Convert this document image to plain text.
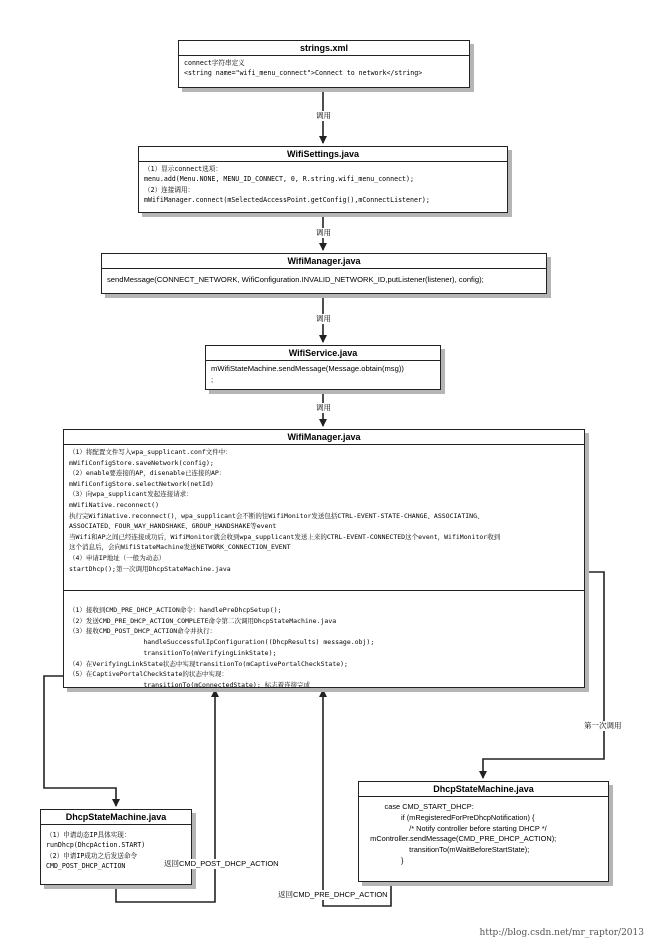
strings.xml
connect字符串定义
<string name="wifi_menu_connect">Connect to network</string>
WifiSettings.java
（1）显示connect选项：
menu.add(Menu.NONE, MENU_ID_CONNECT, 0, R.string.wifi_menu_connect);
（2）连接调用：
mWifiManager.connect(mSelectedAccessPoint.getConfig(),mConnectListener);
WifiManager.java
sendMessage(CONNECT_NETWORK, WifiConfiguration.INVALID_NETWORK_ID,putListener(listener), config);
WifiService.java
mWifiStateMachine.sendMessage(Message.obtain(msg))
;
WifiManager.java
（1）将配置文件写入wpa_supplicant.conf文件中：
mWifiConfigStore.saveNetwork(config);
（2）enable要连接的AP，disenable已连接的AP：
mWifiConfigStore.selectNetwork(netId)
（3）向wpa_supplicant发起连接请求：
mWifiNative.reconnect()
执行完WifiNative.reconnect()，wpa_supplicant会不断的往WifiMonitor发送包括CTRL-EVENT-STATE-CHANGE、ASSOCIATING、
ASSOCIATED、FOUR_WAY_HANDSHAKE、GROUP_HANDSHAKE等event
当Wifi和AP之间已经连接成功后，WifiMonitor就会收到wpa_supplicant发送上来的CTRL-EVENT-CONNECTED这个event，WifiMonitor收到
这个消息后，会向WifiStateMachine发送NETWORK_CONNECTION_EVENT
（4）申请IP地址（一般为动态）
startDhcp();第一次调用DhcpStateMachine.java
（1）接收到CMD_PRE_DHCP_ACTION命令：handlePreDhcpSetup();
（2）发送CMD_PRE_DHCP_ACTION_COMPLETE命令第二次调用DhcpStateMachine.java
（3）接收CMD_POST_DHCP_ACTION命令并执行：
handleSuccessfulIpConfiguration((DhcpResults) message.obj);
transitionTo(mVerifyingLinkState);
（4）在VerifyingLinkState状态中实现transitionTo(mCaptivePortalCheckState);
（5）在CaptivePortalCheckState的状态中实现：
transitionTo(mConnectedState); 标志着连接完成
DhcpStateMachine.java
（1）申请动态IP具体实现：
runDhcp(DhcpAction.START)
（2）申请IP成功之后发送命令
CMD_POST_DHCP_ACTION
DhcpStateMachine.java
case CMD_START_DHCP:
if (mRegisteredForPreDhcpNotification) {
/* Notify controller before starting DHCP */
mController.sendMessage(CMD_PRE_DHCP_ACTION);
transitionTo(mWaitBeforeStartState);
}
调用
调用
调用
调用
第一次调用
返回CMD_POST_DHCP_ACTION
返回CMD_PRE_DHCP_ACTION
http://blog.csdn.net/mr_raptor/2013
